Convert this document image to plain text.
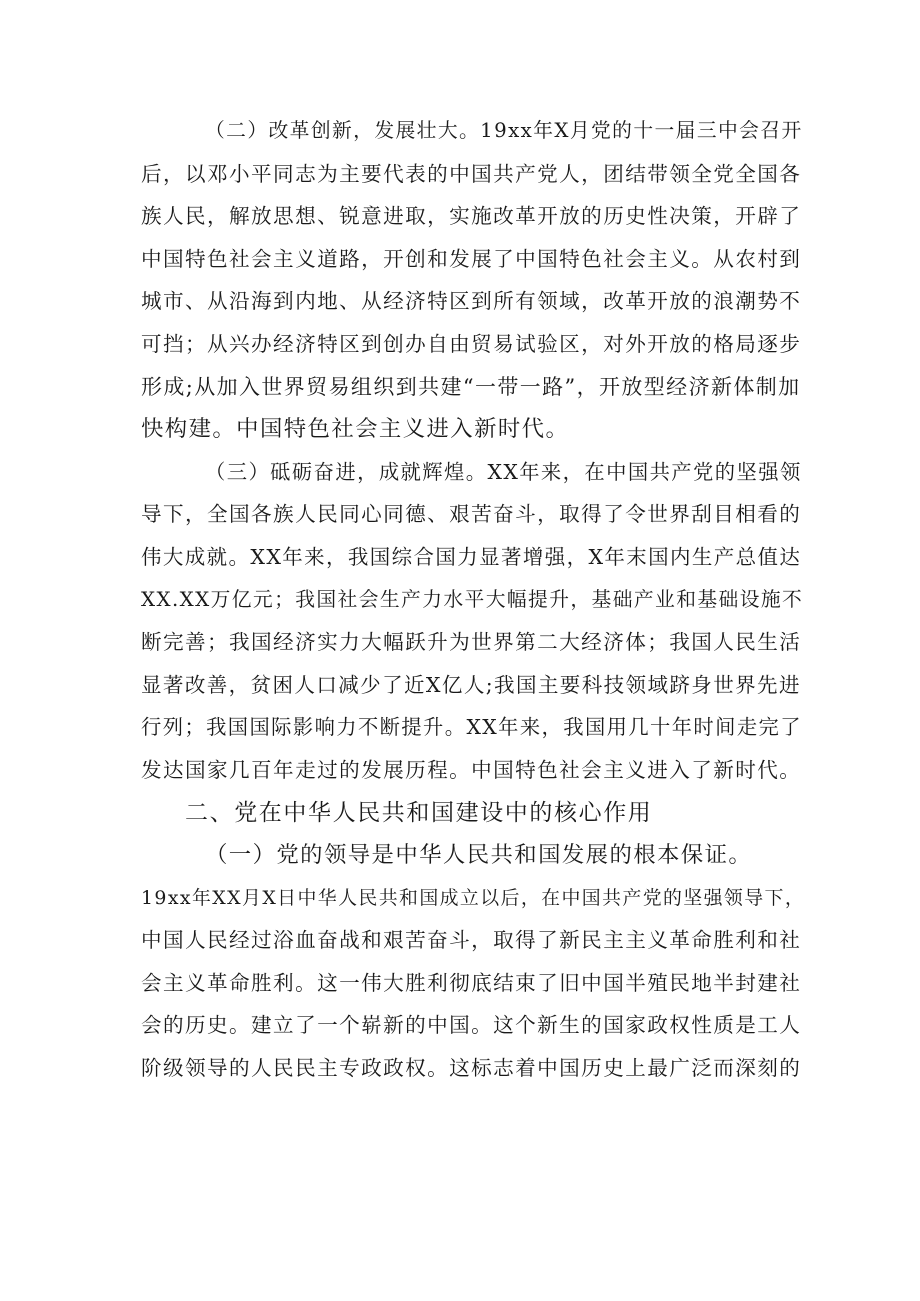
（二）改革创新，发展壮大。19xx年X月党的十一届三中会召开
后，以邓小平同志为主要代表的中国共产党人，团结带领全党全国各
族人民，解放思想、锐意进取，实施改革开放的历史性决策，开辟了
中国特色社会主义道路，开创和发展了中国特色社会主义。从农村到
城市、从沿海到内地、从经济特区到所有领域，改革开放的浪潮势不
可挡；从兴办经济特区到创办自由贸易试验区，对外开放的格局逐步
形成;从加入世界贸易组织到共建“一带一路”，开放型经济新体制加
快构建。中国特色社会主义进入新时代。
（三）砥砺奋进，成就辉煌。XX年来，在中国共产党的坚强领
导下，全国各族人民同心同德、艰苦奋斗，取得了令世界刮目相看的
伟大成就。XX年来，我国综合国力显著增强，X年末国内生产总值达
XX.XX万亿元；我国社会生产力水平大幅提升，基础产业和基础设施不
断完善；我国经济实力大幅跃升为世界第二大经济体；我国人民生活
显著改善，贫困人口减少了近X亿人;我国主要科技领域跻身世界先进
行列；我国国际影响力不断提升。XX年来，我国用几十年时间走完了
发达国家几百年走过的发展历程。中国特色社会主义进入了新时代。
二、党在中华人民共和国建设中的核心作用
（一）党的领导是中华人民共和国发展的根本保证。
19xx年XX月X日中华人民共和国成立以后，在中国共产党的坚强领导下，
中国人民经过浴血奋战和艰苦奋斗，取得了新民主主义革命胜利和社
会主义革命胜利。这一伟大胜利彻底结束了旧中国半殖民地半封建社
会的历史。建立了一个崭新的中国。这个新生的国家政权性质是工人
阶级领导的人民民主专政政权。这标志着中国历史上最广泛而深刻的
